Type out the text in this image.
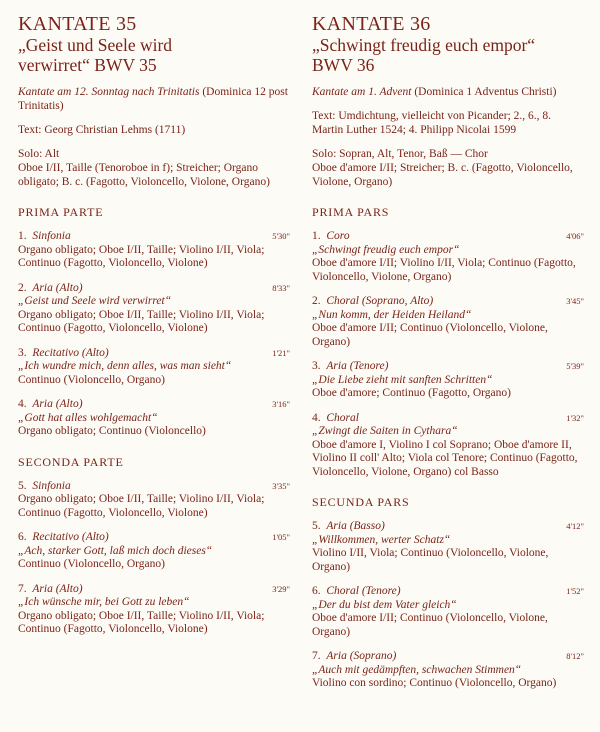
KANTATE 35
„Geist und Seele wird
verwirret“ BWV 35
Kantate am 12. Sonntag nach Trinitatis (Dominica 12 post Trinitatis)
Text: Georg Christian Lehms (1711)
Solo: Alt
Oboe I/II, Taille (Tenoroboe in f); Streicher; Organo obligato; B. c. (Fagotto, Violoncello, Violone, Organo)
PRIMA PARTE
1. Sinfonia	5'30"
Organo obligato; Oboe I/II, Taille; Violino I/II, Viola; Continuo (Fagotto, Violoncello, Violone)
2. Aria (Alto)	8'33"
„Geist und Seele wird verwirret“
Organo obligato; Oboe I/II, Taille; Violino I/II, Viola; Continuo (Fagotto, Violoncello, Violone)
3. Recitativo (Alto)	1'21"
„Ich wundre mich, denn alles, was man sieht“
Continuo (Violoncello, Organo)
4. Aria (Alto)	3'16"
„Gott hat alles wohlgemacht“
Organo obligato; Continuo (Violoncello)
SECONDA PARTE
5. Sinfonia	3'35"
Organo obligato; Oboe I/II, Taille; Violino I/II, Viola; Continuo (Fagotto, Violoncello, Violone)
6. Recitativo (Alto)	1'05"
„Ach, starker Gott, laß mich doch dieses“
Continuo (Violoncello, Organo)
7. Aria (Alto)	3'29"
„Ich wünsche mir, bei Gott zu leben“
Organo obligato; Oboe I/II, Taille; Violino I/II, Viola; Continuo (Fagotto, Violoncello, Violone)
KANTATE 36
„Schwingt freudig euch empor“
BWV 36
Kantate am 1. Advent (Dominica 1 Adventus Christi)
Text: Umdichtung, vielleicht von Picander; 2., 6., 8. Martin Luther 1524; 4. Philipp Nicolai 1599
Solo: Sopran, Alt, Tenor, Baß — Chor
Oboe d'amore I/II; Streicher; B. c. (Fagotto, Violoncello, Violone, Organo)
PRIMA PARS
1. Coro	4'06"
„Schwingt freudig euch empor“
Oboe d'amore I/II; Violino I/II, Viola; Continuo (Fagotto, Violoncello, Violone, Organo)
2. Choral (Soprano, Alto)	3'45"
„Nun komm, der Heiden Heiland“
Oboe d'amore I/II; Continuo (Violoncello, Violone, Organo)
3. Aria (Tenore)	5'39"
„Die Liebe zieht mit sanften Schritten“
Oboe d'amore; Continuo (Fagotto, Organo)
4. Choral	1'32"
„Zwingt die Saiten in Cythara“
Oboe d'amore I, Violino I col Soprano; Oboe d'amore II, Violino II coll' Alto; Viola col Tenore; Continuo (Fagotto, Violoncello, Violone, Organo) col Basso
SECUNDA PARS
5. Aria (Basso)	4'12"
„Willkommen, werter Schatz“
Violino I/II, Viola; Continuo (Violoncello, Violone, Organo)
6. Choral (Tenore)	1'52"
„Der du bist dem Vater gleich“
Oboe d'amore I/II; Continuo (Violoncello, Violone, Organo)
7. Aria (Soprano)	8'12"
„Auch mit gedämpften, schwachen Stimmen“
Violino con sordino; Continuo (Violoncello, Organo)
